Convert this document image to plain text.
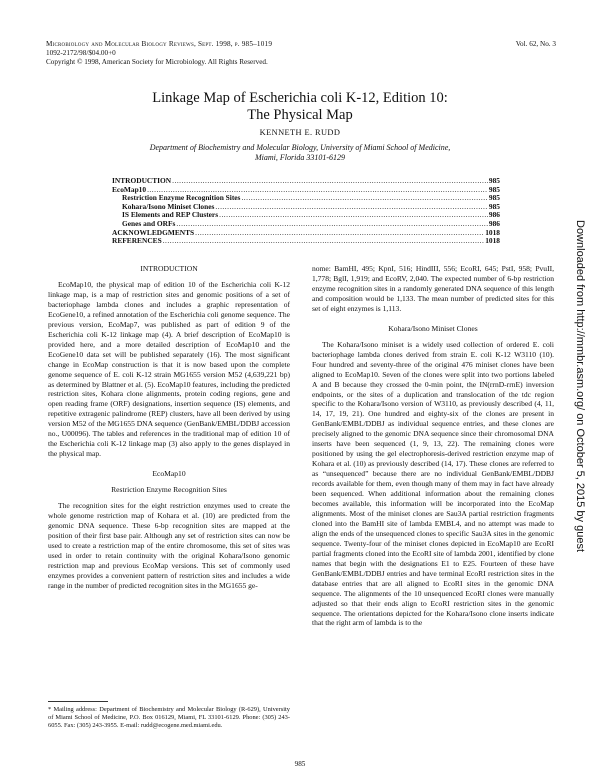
Microbiology and Molecular Biology Reviews, Sept. 1998, p. 985–1019
1092-2172/98/$04.00+0
Copyright © 1998, American Society for Microbiology. All Rights Reserved.
Vol. 62, No. 3
Linkage Map of Escherichia coli K-12, Edition 10:
The Physical Map
KENNETH E. RUDD
Department of Biochemistry and Molecular Biology, University of Miami School of Medicine,
Miami, Florida 33101-6129
INTRODUCTION .....	985
EcoMap10 .....	985
Restriction Enzyme Recognition Sites .....	985
Kohara/Isono Miniset Clones .....	985
IS Elements and REP Clusters .....	986
Genes and ORFs .....	986
ACKNOWLEDGMENTS .....	1018
REFERENCES .....	1018
INTRODUCTION

EcoMap10, the physical map of edition 10 of the Escherichia coli K-12 linkage map, is a map of restriction sites and genomic positions of a set of bacteriophage lambda clones and includes a graphic representation of EcoGene10, a refined annotation of the Escherichia coli genome sequence. The previous version, EcoMap7, was published as part of edition 9 of the Escherichia coli K-12 linkage map (4). A brief description of EcoMap10 is provided here, and a more detailed description of EcoMap10 and the EcoGene10 data set will be published separately (16). The most significant change in EcoMap construction is that it is now based upon the complete genome sequence of E. coli K-12 strain MG1655 version M52 (4,639,221 bp) as determined by Blattner et al. (5). EcoMap10 features, including the predicted restriction sites, Kohara clone alignments, protein coding regions, gene and open reading frame (ORF) designations, insertion sequence (IS) elements, and repetitive extragenic palindrome (REP) clusters, have all been derived by using version M52 of the MG1655 DNA sequence (GenBank/EMBL/DDBJ accession no., U00096). The tables and references in the traditional map of edition 10 of the Escherichia coli K-12 linkage map (3) also apply to the genes displayed in the physical map.

EcoMap10
Restriction Enzyme Recognition Sites

The recognition sites for the eight restriction enzymes used to create the whole genome restriction map of Kohara et al. (10) are predicted from the genomic DNA sequence. These 6-bp recognition sites are mapped at the position of their first base pair. Although any set of restriction sites can now be used to create a restriction map of the entire chromosome, this set of sites was used in order to retain continuity with the original Kohara/Isono genomic restriction map and previous EcoMap versions. This set of commonly used enzymes provides a convenient pattern of restriction sites and includes a wide range in the number of predicted recognition sites in the MG1655 ge-

nome: BamHI, 495; KpnI, 516; HindIII, 556; EcoRI, 645; PstI, 958; PvuII, 1,778; BglI, 1,919; and EcoRV, 2,040. The expected number of 6-bp restriction enzyme recognition sites in a randomly generated DNA sequence of this length and composition would be 1,133. The mean number of predicted sites for this set of eight enzymes is 1,113.

Kohara/Isono Miniset Clones

The Kohara/Isono miniset is a widely used collection of ordered E. coli bacteriophage lambda clones derived from strain E. coli K-12 W3110 (10). Four hundred and seventy-three of the original 476 miniset clones have been aligned to EcoMap10. Seven of the clones were split into two portions labeled A and B because they crossed the 0-min point, the IN(rrnD-rrnE) inversion endpoints, or the sites of a duplication and translocation of the tdc region specific to the Kohara/Isono version of W3110, as previously described (4, 11, 14, 17, 19, 21). One hundred and eighty-six of the clones are present in GenBank/EMBL/DDBJ as individual sequence entries, and these clones are precisely aligned to the genomic DNA sequence since their chromosomal DNA inserts have been sequenced (1, 9, 13, 22). The remaining clones were positioned by using the gel electrophoresis-derived restriction enzyme map of Kohara et al. (10) as previously described (14, 17). These clones are referred to as “unsequenced” because there are no individual GenBank/EMBL/DDBJ records available for them, even though many of them may in fact have already been sequenced. When additional information about the remaining clones becomes available, this information will be incorporated into the EcoMap alignments. Most of the miniset clones are Sau3A partial restriction fragments cloned into the BamHI site of lambda EMBL4, and no attempt was made to align the ends of the unsequenced clones to specific Sau3A sites in the genomic sequence. Twenty-four of the miniset clones depicted in EcoMap10 are EcoRI partial fragments cloned into the EcoRI site of lambda 2001, identified by clone names that begin with the designations E1 to E25. Fourteen of these have GenBank/EMBL/DDBJ entries and have terminal EcoRI restriction sites in the database entries that are all aligned to EcoRI sites in the genomic DNA sequence. The alignments of the 10 unsequenced EcoRI clones were manually adjusted so that their ends align to EcoRI restriction sites in the genomic sequence. The orientations depicted for the Kohara/Isono clone inserts indicate that the right arm of lambda is to the

* Mailing address: Department of Biochemistry and Molecular Biology (R-629), University of Miami School of Medicine, P.O. Box 016129, Miami, FL 33101-6129. Phone: (305) 243-6055. Fax: (305) 243-3955. E-mail: rudd@ecogene.med.miami.edu.
985
Downloaded from http://mmbr.asm.org/ on October 5, 2015 by guest
